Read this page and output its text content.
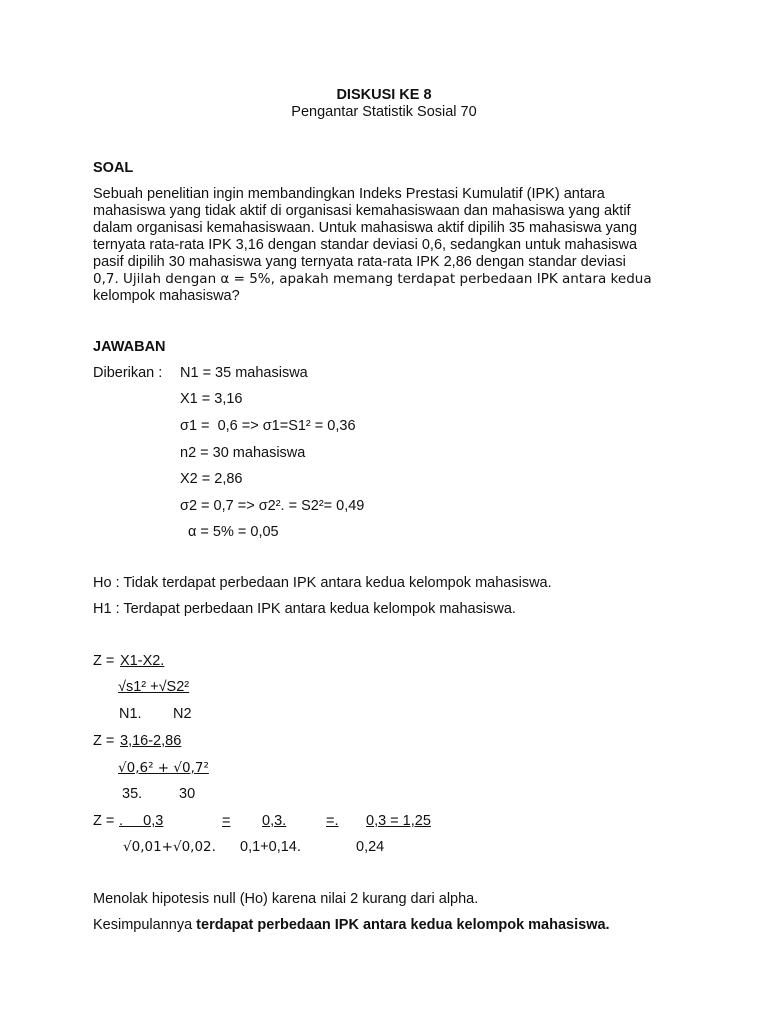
DISKUSI KE 8
Pengantar Statistik Sosial 70
SOAL
Sebuah penelitian ingin membandingkan Indeks Prestasi Kumulatif (IPK) antara
mahasiswa yang tidak aktif di organisasi kemahasiswaan dan mahasiswa yang aktif
dalam organisasi kemahasiswaan. Untuk mahasiswa aktif dipilih 35 mahasiswa yang
ternyata rata-rata IPK 3,16 dengan standar deviasi 0,6, sedangkan untuk mahasiswa
pasif dipilih 30 mahasiswa yang ternyata rata-rata IPK 2,86 dengan standar deviasi
0,7. Ujilah dengan α = 5%, apakah memang terdapat perbedaan IPK antara kedua
kelompok mahasiswa?
JAWABAN
Diberikan : N1 = 35 mahasiswa
X1 = 3,16
σ1 =  0,6 => σ1=S1² = 0,36
n2 = 30 mahasiswa
X2 = 2,86
σ2 = 0,7 => σ2². = S2²= 0,49
α = 5% = 0,05
Ho : Tidak terdapat perbedaan IPK antara kedua kelompok mahasiswa.
H1 : Terdapat perbedaan IPK antara kedua kelompok mahasiswa.
Z = X1-X2.
√s1² +√S2²
N1. N2
Z = 3,16-2,86
√0,6² + √0,7²
35.	30
Z = .     0,3	= 0,3.	=.	0,3 = 1,25
√0,01+√0,02. 0,1+0,14.	0,24
Menolak hipotesis null (Ho) karena nilai 2 kurang dari alpha.
Kesimpulannya terdapat perbedaan IPK antara kedua kelompok mahasiswa.
